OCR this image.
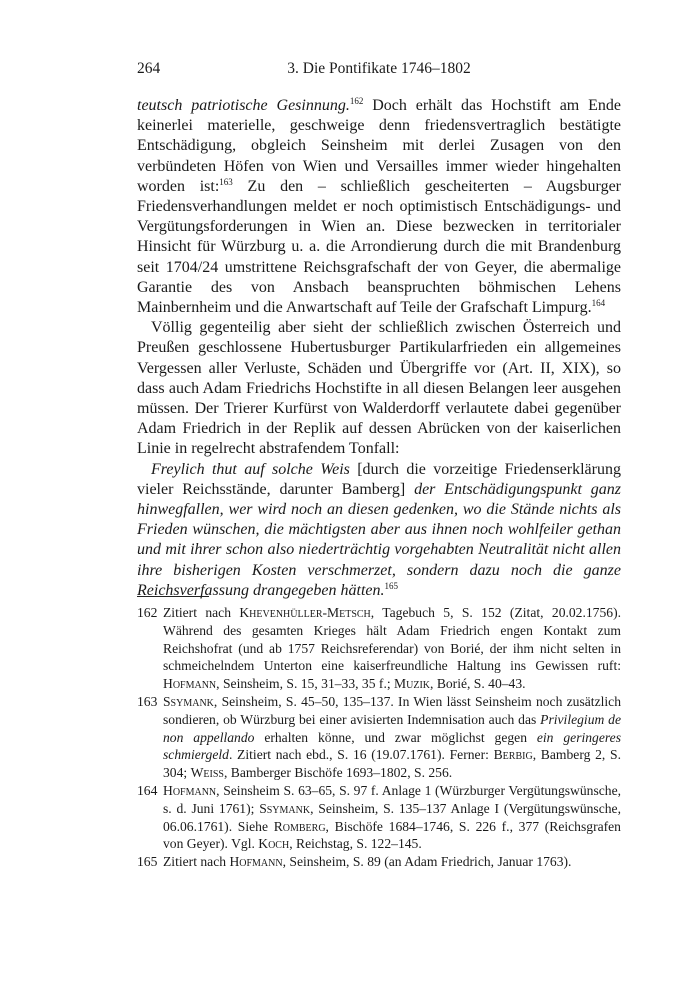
264	3. Die Pontifikate 1746–1802

teutsch patriotische Gesinnung.$^{162}$ Doch erhält das Hochstift am Ende keinerlei materielle, geschweige denn friedensvertraglich bestätigte Entschädigung, obgleich Seinsheim mit derlei Zusagen von den verbündeten Höfen von Wien und Versailles immer wieder hingehalten worden ist:$^{163}$ Zu den – schließlich gescheiterten – Augsburger Friedensverhandlungen meldet er noch optimistisch Entschädigungs- und Vergütungsforderungen in Wien an. Diese bezwecken in territorialer Hinsicht für Würzburg u. a. die Arrondierung durch die mit Brandenburg seit 1704/24 umstrittene Reichsgrafschaft der von Geyer, die abermalige Garantie des von Ansbach beanspruchten böhmischen Lehens Mainbernheim und die Anwartschaft auf Teile der Grafschaft Limpurg.$^{164}$

Völlig gegenteilig aber sieht der schließlich zwischen Österreich und Preußen geschlossene Hubertusburger Partikularfrieden ein allgemeines Vergessen aller Verluste, Schäden und Übergriffe vor (Art. II, XIX), so dass auch Adam Friedrichs Hochstifte in all diesen Belangen leer ausgehen müssen. Der Trierer Kurfürst von Walderdorff verlautete dabei gegenüber Adam Friedrich in der Replik auf dessen Abrücken von der kaiserlichen Linie in regelrecht abstrafendem Tonfall:

Freylich thut auf solche Weis [durch die vorzeitige Friedenserklärung vieler Reichsstände, darunter Bamberg] der Entschädigungspunkt ganz hinwegfallen, wer wird noch an diesen gedenken, wo die Stände nichts als Frieden wünschen, die mächtigsten aber aus ihnen noch wohlfeiler gethan und mit ihrer schon also niederträchtig vorgehabten Neutralität nicht allen ihre bisherigen Kosten verschmerzet, sondern dazu noch die ganze Reichsverfassung drangegeben hätten.$^{165}$

162 Zitiert nach Khevenhüller-Metsch, Tagebuch 5, S. 152 (Zitat, 20.02.1756). Während des gesamten Krieges hält Adam Friedrich engen Kontakt zum Reichshofrat (und ab 1757 Reichsreferendar) von Borié, der ihm nicht selten in schmeichelndem Unterton eine kaiserfreundliche Haltung ins Gewissen ruft: Hofmann, Seinsheim, S. 15, 31–33, 35 f.; Muzik, Borié, S. 40–43.

163 Ssymank, Seinsheim, S. 45–50, 135–137. In Wien lässt Seinsheim noch zusätzlich sondieren, ob Würzburg bei einer avisierten Indemnisation auch das Privilegium de non appellando erhalten könne, und zwar möglichst gegen ein geringeres schmiergeld. Zitiert nach ebd., S. 16 (19.07.1761). Ferner: Berbig, Bamberg 2, S. 304; Weiss, Bamberger Bischöfe 1693–1802, S. 256.

164 Hofmann, Seinsheim S. 63–65, S. 97 f. Anlage 1 (Würzburger Vergütungswünsche, s. d. Juni 1761); Ssymank, Seinsheim, S. 135–137 Anlage I (Vergütungswünsche, 06.06.1761). Siehe Romberg, Bischöfe 1684–1746, S. 226 f., 377 (Reichsgrafen von Geyer). Vgl. Koch, Reichstag, S. 122–145.

165 Zitiert nach Hofmann, Seinsheim, S. 89 (an Adam Friedrich, Januar 1763).
